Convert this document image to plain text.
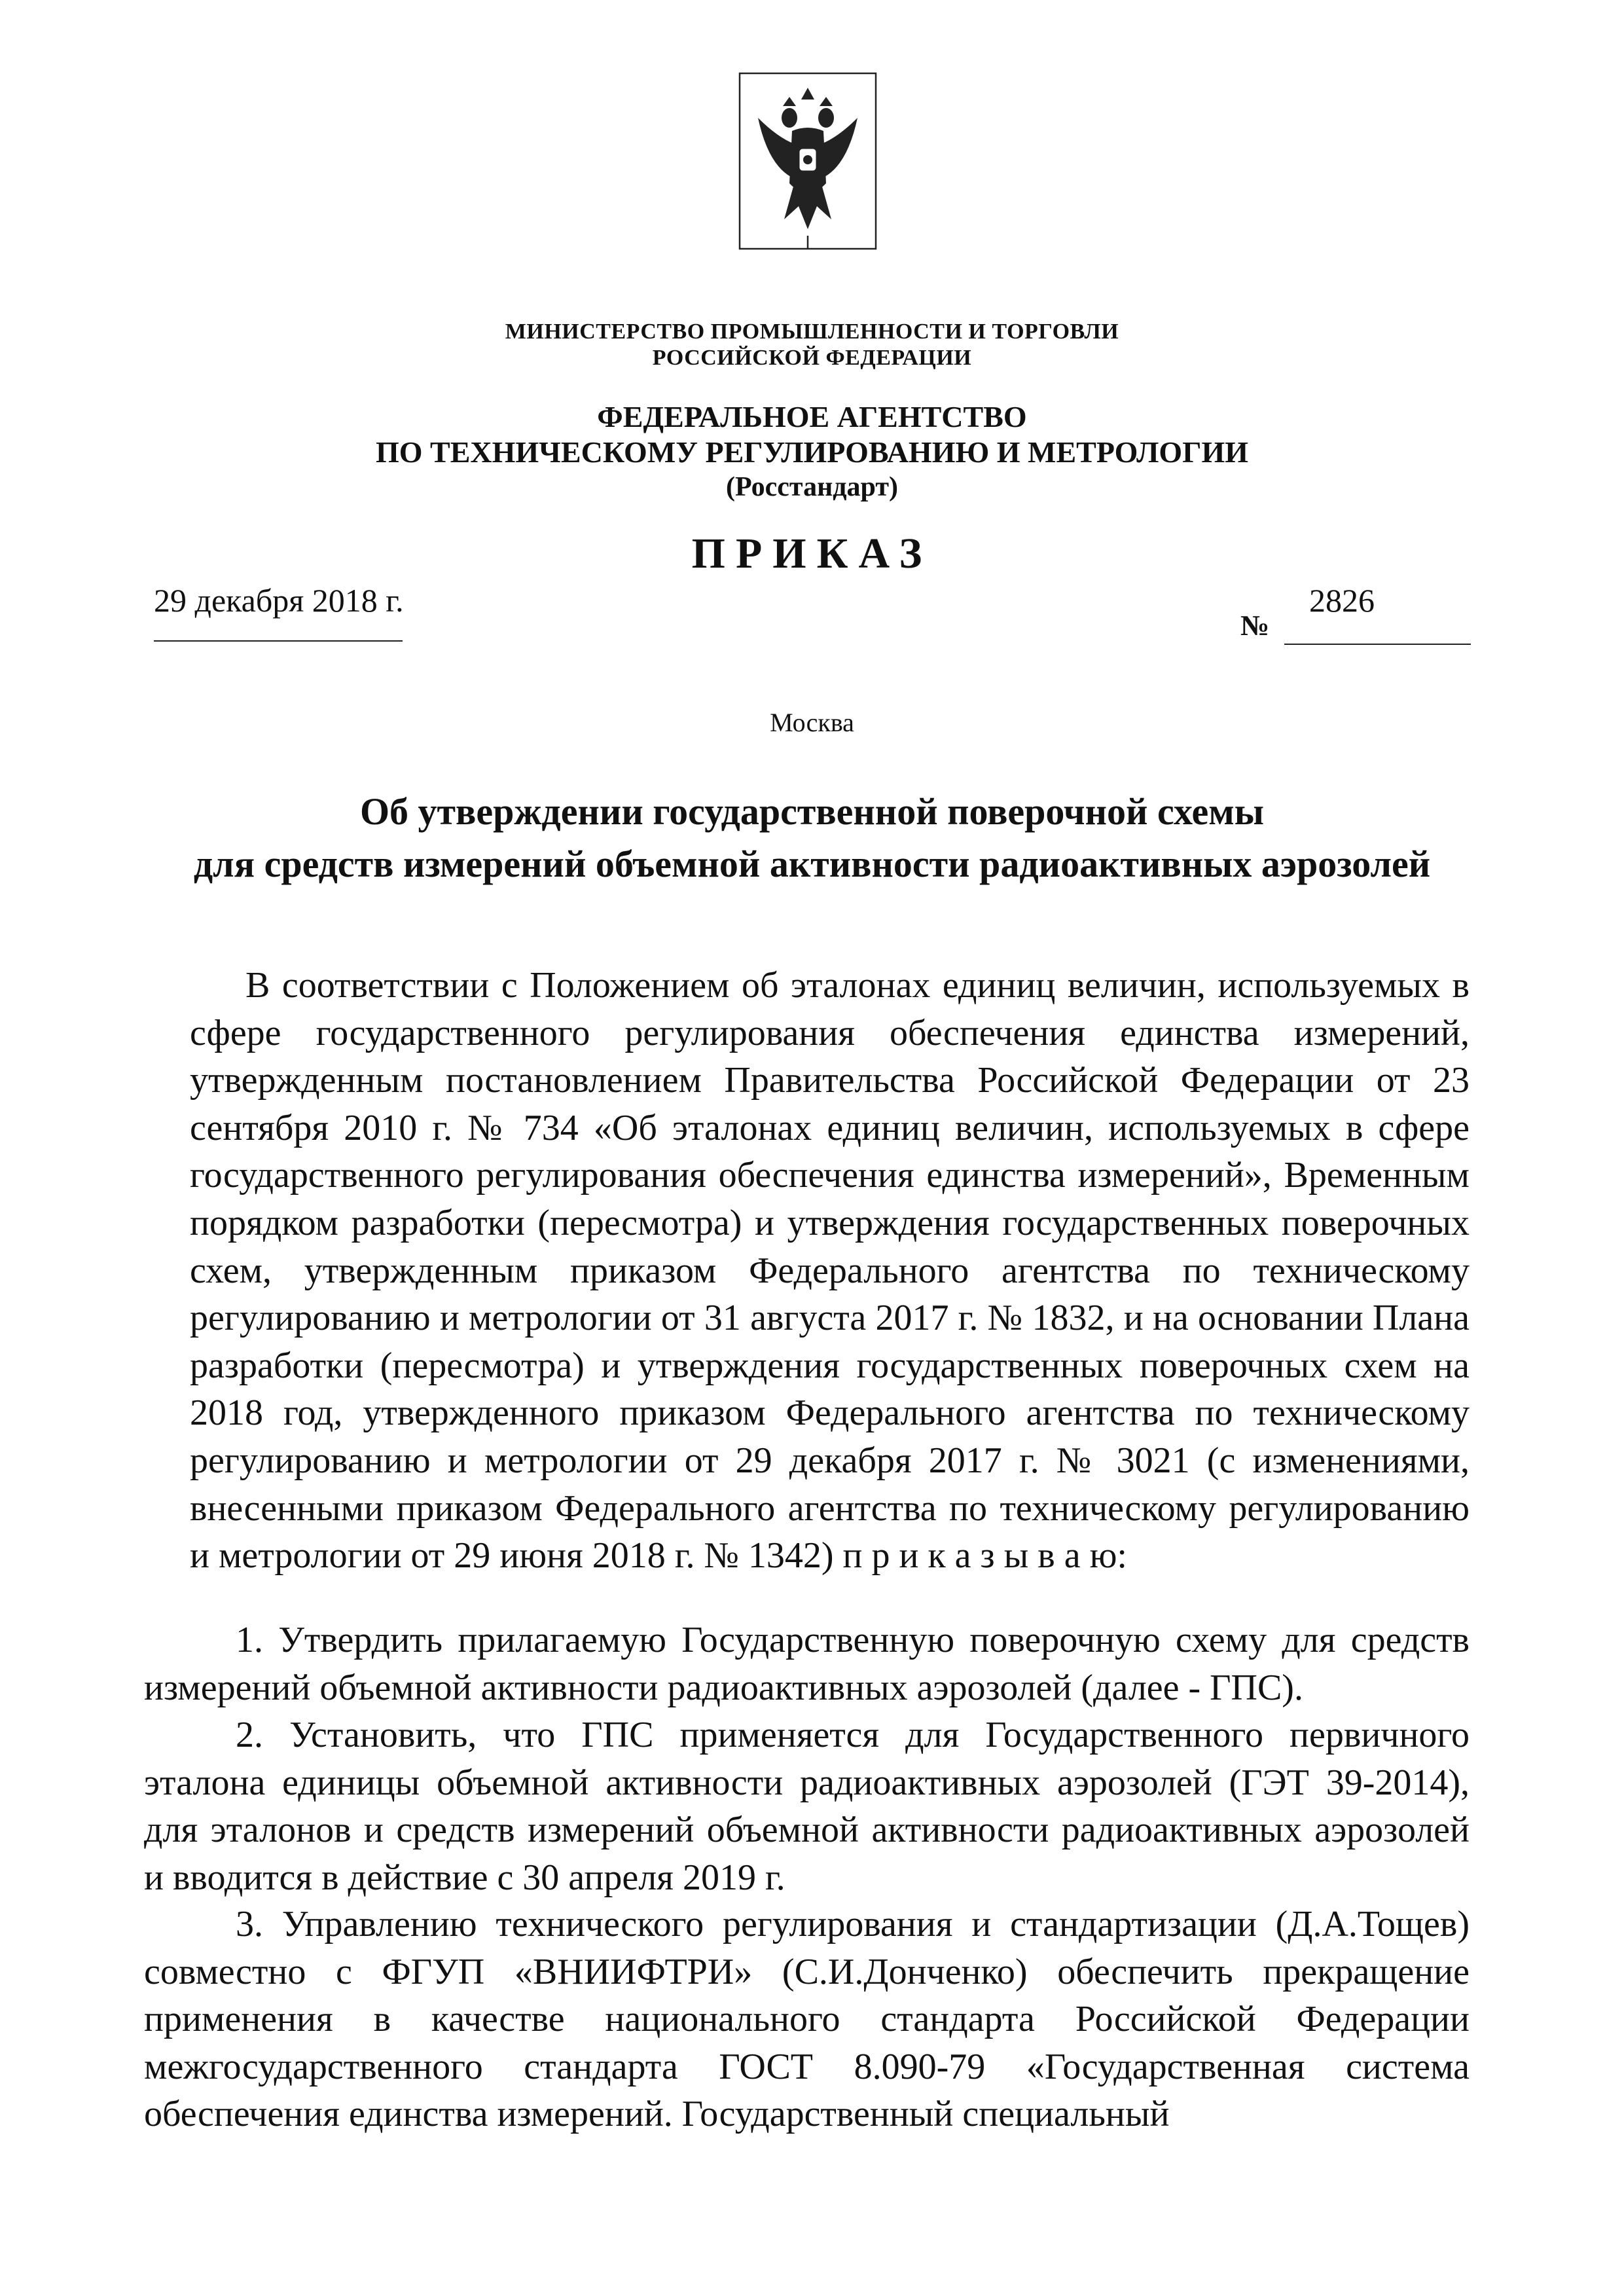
МИНИСТЕРСТВО ПРОМЫШЛЕННОСТИ И ТОРГОВЛИ
РОССИЙСКОЙ ФЕДЕРАЦИИ
ФЕДЕРАЛЬНОЕ АГЕНТСТВО
ПО ТЕХНИЧЕСКОМУ РЕГУЛИРОВАНИЮ И МЕТРОЛОГИИ
(Росстандарт)
ПРИКАЗ
29 декабря 2018 г.
№
2826
Москва
Об утверждении государственной поверочной схемы
для средств измерений объемной активности радиоактивных аэрозолей
В соответствии с Положением об эталонах единиц величин, используемых в сфере государственного регулирования обеспечения единства измерений, утвержденным постановлением Правительства Российской Федерации от 23 сентября 2010 г. № 734 «Об эталонах единиц величин, используемых в сфере государственного регулирования обеспечения единства измерений», Временным порядком разработки (пересмотра) и утверждения государственных поверочных схем, утвержденным приказом Федерального агентства по техническому регулированию и метрологии от 31 августа 2017 г. № 1832, и на основании Плана разработки (пересмотра) и утверждения государственных поверочных схем на 2018 год, утвержденного приказом Федерального агентства по техническому регулированию и метрологии от 29 декабря 2017 г. № 3021 (с изменениями, внесенными приказом Федерального агентства по техническому регулированию и метрологии от 29 июня 2018 г. № 1342) п р и к а з ы в а ю:
1. Утвердить прилагаемую Государственную поверочную схему для средств измерений объемной активности радиоактивных аэрозолей (далее - ГПС).
2. Установить, что ГПС применяется для Государственного первичного эталона единицы объемной активности радиоактивных аэрозолей (ГЭТ 39-2014), для эталонов и средств измерений объемной активности радиоактивных аэрозолей и вводится в действие с 30 апреля 2019 г.
3. Управлению технического регулирования и стандартизации (Д.А.Тощев) совместно с ФГУП «ВНИИФТРИ» (С.И.Донченко) обеспечить прекращение применения в качестве национального стандарта Российской Федерации межгосударственного стандарта ГОСТ 8.090-79 «Государственная система обеспечения единства измерений. Государственный специальный
